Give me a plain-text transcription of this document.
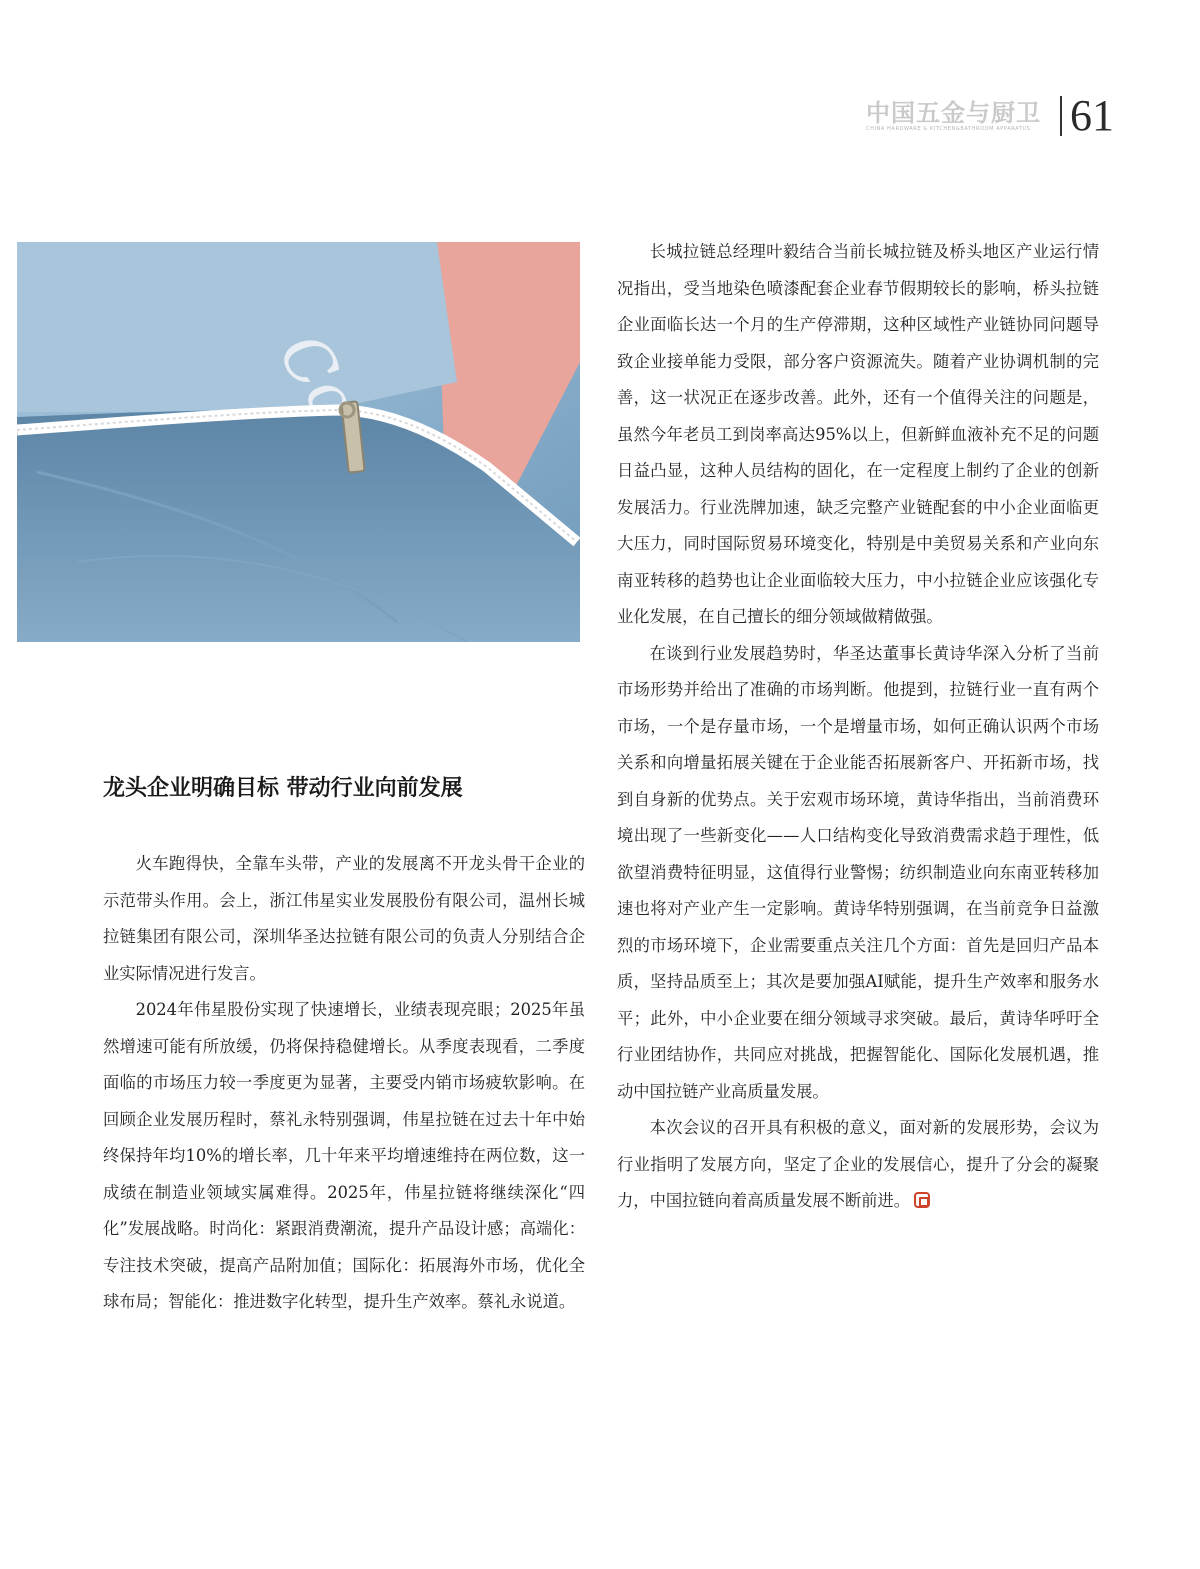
中国五金与厨卫
CHINA HARDWARE & KITCHEN&BATHROOM APPARATUS 61
龙头企业明确目标 带动行业向前发展

火车跑得快，全靠车头带，产业的发展离不开龙头骨干企业的示范带头作用。会上，浙江伟星实业发展股份有限公司，温州长城拉链集团有限公司，深圳华圣达拉链有限公司的负责人分别结合企业实际情况进行发言。

2024年伟星股份实现了快速增长，业绩表现亮眼；2025年虽然增速可能有所放缓，仍将保持稳健增长。从季度表现看，二季度面临的市场压力较一季度更为显著，主要受内销市场疲软影响。在回顾企业发展历程时，蔡礼永特别强调，伟星拉链在过去十年中始终保持年均10%的增长率，几十年来平均增速维持在两位数，这一成绩在制造业领域实属难得。2025年，伟星拉链将继续深化“四化”发展战略。时尚化：紧跟消费潮流，提升产品设计感；高端化：专注技术突破，提高产品附加值；国际化：拓展海外市场，优化全球布局；智能化：推进数字化转型，提升生产效率。蔡礼永说道。

长城拉链总经理叶毅结合当前长城拉链及桥头地区产业运行情况指出，受当地染色喷漆配套企业春节假期较长的影响，桥头拉链企业面临长达一个月的生产停滞期，这种区域性产业链协同问题导致企业接单能力受限，部分客户资源流失。随着产业协调机制的完善，这一状况正在逐步改善。此外，还有一个值得关注的问题是，虽然今年老员工到岗率高达95%以上，但新鲜血液补充不足的问题日益凸显，这种人员结构的固化，在一定程度上制约了企业的创新发展活力。行业洗牌加速，缺乏完整产业链配套的中小企业面临更大压力，同时国际贸易环境变化，特别是中美贸易关系和产业向东南亚转移的趋势也让企业面临较大压力，中小拉链企业应该强化专业化发展，在自己擅长的细分领域做精做强。

在谈到行业发展趋势时，华圣达董事长黄诗华深入分析了当前市场形势并给出了准确的市场判断。他提到，拉链行业一直有两个市场，一个是存量市场，一个是增量市场，如何正确认识两个市场关系和向增量拓展关键在于企业能否拓展新客户、开拓新市场，找到自身新的优势点。关于宏观市场环境，黄诗华指出，当前消费环境出现了一些新变化——人口结构变化导致消费需求趋于理性，低欲望消费特征明显，这值得行业警惕；纺织制造业向东南亚转移加速也将对产业产生一定影响。黄诗华特别强调，在当前竞争日益激烈的市场环境下，企业需要重点关注几个方面：首先是回归产品本质，坚持品质至上；其次是要加强AI赋能，提升生产效率和服务水平；此外，中小企业要在细分领域寻求突破。最后，黄诗华呼吁全行业团结协作，共同应对挑战，把握智能化、国际化发展机遇，推动中国拉链产业高质量发展。

本次会议的召开具有积极的意义，面对新的发展形势，会议为行业指明了发展方向，坚定了企业的发展信心，提升了分会的凝聚力，中国拉链向着高质量发展不断前进。
